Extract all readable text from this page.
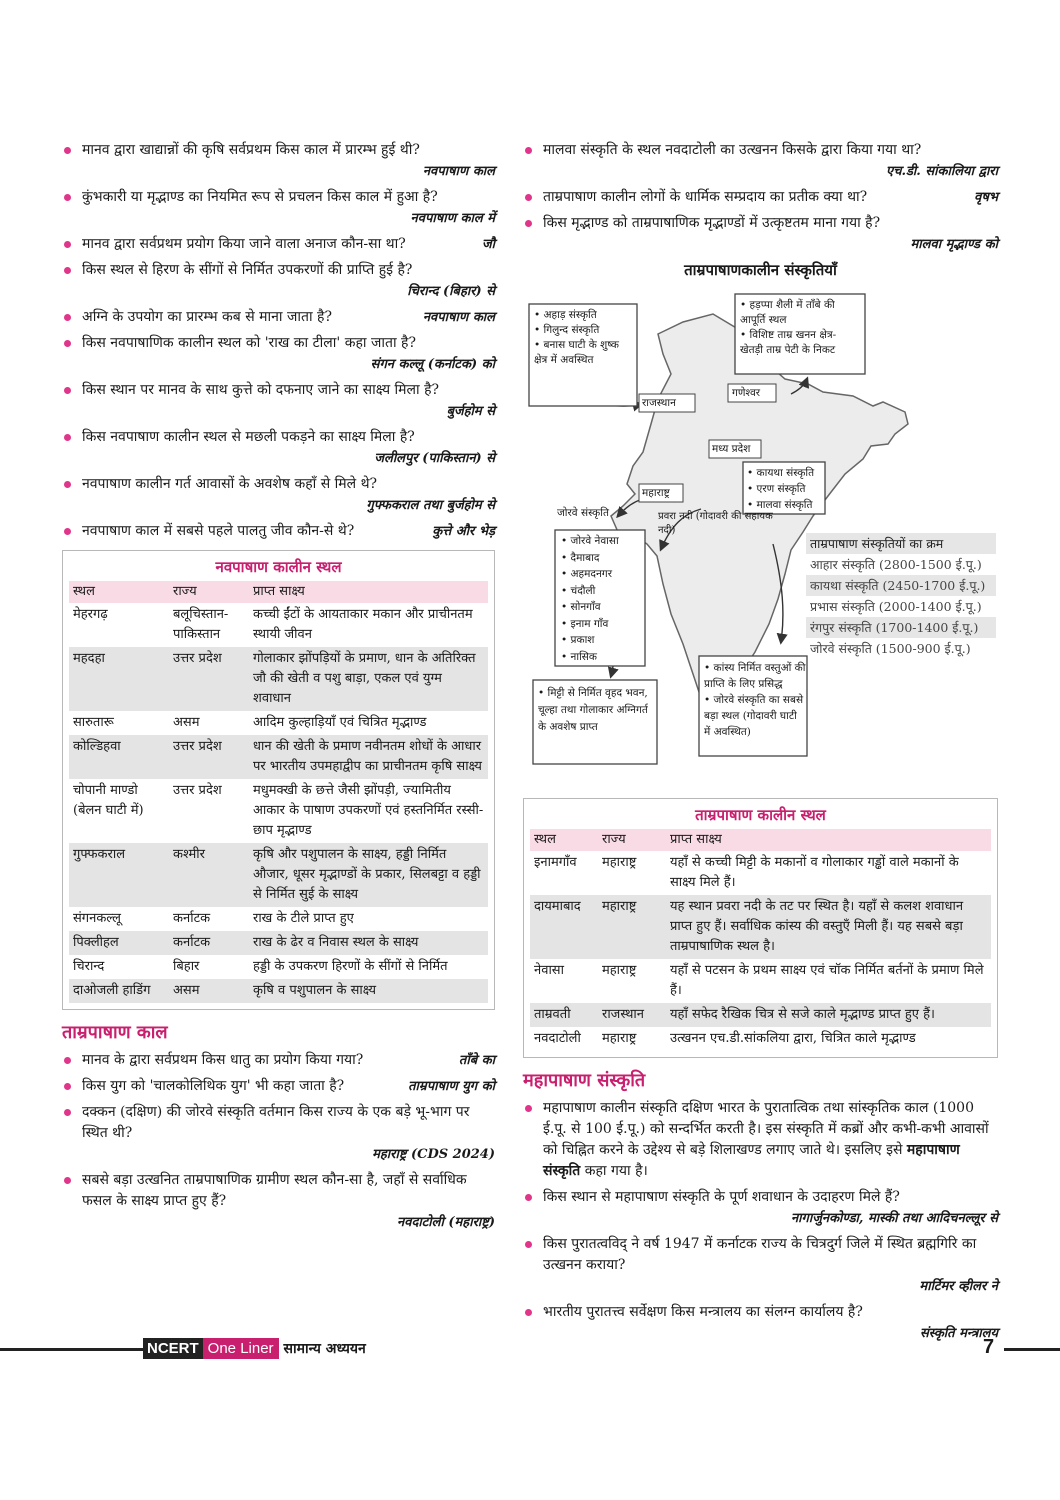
मानव द्वारा खाद्यान्नों की कृषि सर्वप्रथम किस काल में प्रारम्भ हुई थी?
नवपाषाण काल
कुंभकारी या मृद्भाण्ड का नियमित रूप से प्रचलन किस काल में हुआ है?
नवपाषाण काल में
जौ
मानव द्वारा सर्वप्रथम प्रयोग किया जाने वाला अनाज कौन-सा था?
किस स्थल से हिरण के सींगों से निर्मित उपकरणों की प्राप्ति हुई है?
चिरान्द (बिहार) से
नवपाषाण काल
अग्नि के उपयोग का प्रारम्भ कब से माना जाता है?
किस नवपाषाणिक कालीन स्थल को 'राख का टीला' कहा जाता है?
संगन कल्लू (कर्नाटक) को
किस स्थान पर मानव के साथ कुत्ते को दफनाए जाने का साक्ष्य मिला है?
बुर्जहोम से
किस नवपाषाण कालीन स्थल से मछली पकड़ने का साक्ष्य मिला है?
जलीलपुर (पाकिस्तान) से
नवपाषाण कालीन गर्त आवासों के अवशेष कहाँ से मिले थे?
गुफ्फकराल तथा बुर्जहोम से
कुत्ते और भेड़
नवपाषाण काल में सबसे पहले पालतु जीव कौन-से थे?
नवपाषाण कालीन स्थल
स्थल	राज्य	प्राप्त साक्ष्य
मेहरगढ़	बलूचिस्तान-पाकिस्तान	कच्ची ईंटों के आयताकार मकान और प्राचीनतम स्थायी जीवन
महदहा	उत्तर प्रदेश	गोलाकार झोंपड़ियों के प्रमाण, धान के अतिरिक्त जौ की खेती व पशु बाड़ा, एकल एवं युग्म शवाधान
सारुतारू	असम	आदिम कुल्हाड़ियाँ एवं चित्रित मृद्भाण्ड
कोल्डिहवा	उत्तर प्रदेश	धान की खेती के प्रमाण नवीनतम शोधों के आधार पर भारतीय उपमहाद्वीप का प्राचीनतम कृषि साक्ष्य
चोपानी माण्डो (बेलन घाटी में)	उत्तर प्रदेश	मधुमक्खी के छत्ते जैसी झोंपड़ी, ज्यामितीय आकार के पाषाण उपकरणों एवं हस्तनिर्मित रस्सी-छाप मृद्भाण्ड
गुफ्फकराल	कश्मीर	कृषि और पशुपालन के साक्ष्य, हड्डी निर्मित औजार, धूसर मृद्भाण्डों के प्रकार, सिलबट्टा व हड्डी से निर्मित सुई के साक्ष्य
संगनकल्लू	कर्नाटक	राख के टीले प्राप्त हुए
पिक्लीहल	कर्नाटक	राख के ढेर व निवास स्थल के साक्ष्य
चिरान्द	बिहार	हड्डी के उपकरण हिरणों के सींगों से निर्मित
दाओजली हाडिंग	असम	कृषि व पशुपालन के साक्ष्य
ताम्रपाषाण काल
ताँबे का
मानव के द्वारा सर्वप्रथम किस धातु का प्रयोग किया गया?
ताम्रपाषाण युग को
किस युग को 'चालकोलिथिक युग' भी कहा जाता है?
दक्कन (दक्षिण) की जोरवे संस्कृति वर्तमान किस राज्य के एक बड़े भू-भाग पर स्थित थी?
महाराष्ट्र (CDS 2024)
सबसे बड़ा उत्खनित ताम्रपाषाणिक ग्रामीण स्थल कौन-सा है, जहाँ से सर्वाधिक फसल के साक्ष्य प्राप्त हुए हैं?
नवदाटोली (महाराष्ट्र)
मालवा संस्कृति के स्थल नवदाटोली का उत्खनन किसके द्वारा किया गया था?
एच.डी. सांकालिया द्वारा
वृषभ
ताम्रपाषाण कालीन लोगों के धार्मिक सम्प्रदाय का प्रतीक क्या था?
किस मृद्भाण्ड को ताम्रपाषाणिक मृद्भाण्डों में उत्कृष्टतम माना गया है?
मालवा मृद्भाण्ड को
ताम्रपाषाणकालीन संस्कृतियाँ
• अहाड़ संस्कृति
• गिलुन्द संस्कृति
• बनास घाटी के शुष्क क्षेत्र में अवस्थित
राजस्थान
गणेश्वर
• हड़प्पा शैली में ताँबे की आपूर्ति स्थल
• विशिष्ट ताम्र खनन क्षेत्र- खेतड़ी ताम्र पेटी के निकट
मध्य प्रदेश
• कायथा संस्कृति
• एरण संस्कृति
• मालवा संस्कृति
महाराष्ट्र
जोरवे संस्कृति	प्रवरा नदी (गोदावरी की सहायक नदी)
• जोरवे नेवासा
• दैमाबाद
• अहमदनगर
• चंदौली
• सोनगाँव
• इनाम गाँव
• प्रकाश
• नासिक
• मिट्टी से निर्मित वृहद भवन, चूल्हा तथा गोलाकार अग्निगर्त के अवशेष प्राप्त
• कांस्य निर्मित वस्तुओं की प्राप्ति के लिए प्रसिद्ध
• जोरवे संस्कृति का सबसे बड़ा स्थल (गोदावरी घाटी में अवस्थित)
ताम्रपाषाण संस्कृतियों का क्रम
आहार संस्कृति (2800-1500 ई.पू.)
कायथा संस्कृति (2450-1700 ई.पू.)
प्रभास संस्कृति (2000-1400 ई.पू.)
रंगपुर संस्कृति (1700-1400 ई.पू.)
जोरवे संस्कृति (1500-900 ई.पू.)
ताम्रपाषाण कालीन स्थल
स्थल	राज्य	प्राप्त साक्ष्य
इनामगाँव	महाराष्ट्र	यहाँ से कच्ची मिट्टी के मकानों व गोलाकार गड्ढों वाले मकानों के साक्ष्य मिले हैं।
दायमाबाद	महाराष्ट्र	यह स्थान प्रवरा नदी के तट पर स्थित है। यहाँ से कलश शवाधान प्राप्त हुए हैं। सर्वाधिक कांस्य की वस्तुएँ मिली हैं। यह सबसे बड़ा ताम्रपाषाणिक स्थल है।
नेवासा	महाराष्ट्र	यहाँ से पटसन के प्रथम साक्ष्य एवं चॉक निर्मित बर्तनों के प्रमाण मिले हैं।
ताम्रवती	राजस्थान	यहाँ सफेद रैखिक चित्र से सजे काले मृद्भाण्ड प्राप्त हुए हैं।
नवदाटोली	महाराष्ट्र	उत्खनन एच.डी.सांकलिया द्वारा, चित्रित काले मृद्भाण्ड
महापाषाण संस्कृति
महापाषाण कालीन संस्कृति दक्षिण भारत के पुरातात्विक तथा सांस्कृतिक काल (1000 ई.पू. से 100 ई.पू.) को सन्दर्भित करती है। इस संस्कृति में कब्रों और कभी-कभी आवासों को चिह्नित करने के उद्देश्य से बड़े शिलाखण्ड लगाए जाते थे। इसलिए इसे महापाषाण संस्कृति कहा गया है।
किस स्थान से महापाषाण संस्कृति के पूर्ण शवाधान के उदाहरण मिले हैं?
नागार्जुनकोण्डा, मास्की तथा आदिचनल्लूर से
किस पुरातत्वविद् ने वर्ष 1947 में कर्नाटक राज्य के चित्रदुर्ग जिले में स्थित ब्रह्मगिरि का उत्खनन कराया?
मार्टिमर व्हीलर ने
भारतीय पुरातत्त्व सर्वेक्षण किस मन्त्रालय का संलग्न कार्यालय है?
संस्कृति मन्त्रालय
NCERT One Liner सामान्य अध्ययन	7
